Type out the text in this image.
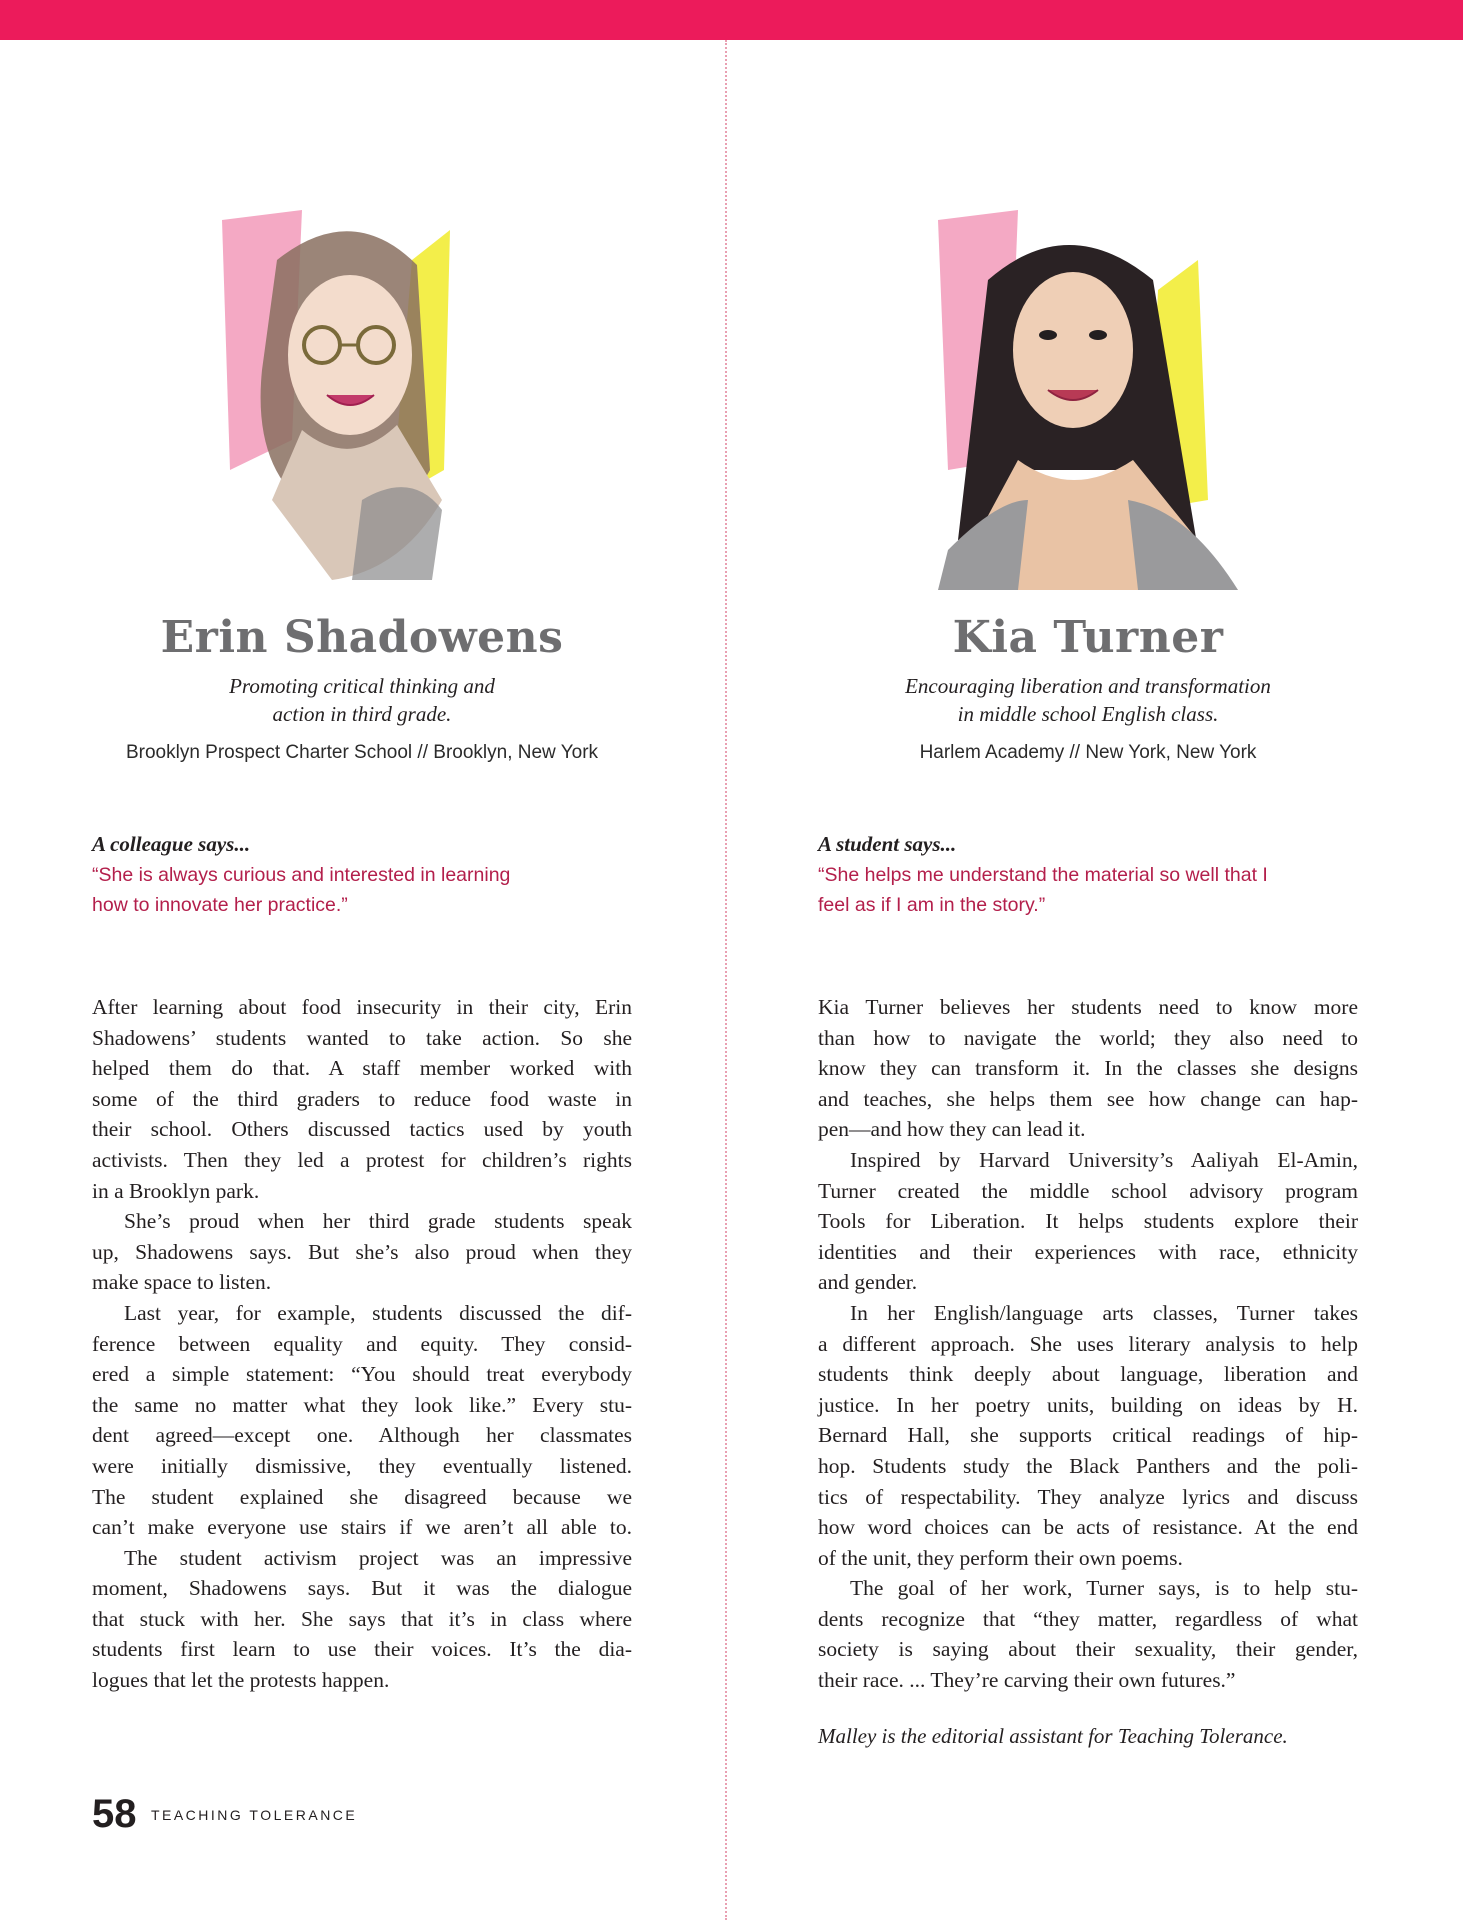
Erin Shadowens
Promoting critical thinking and
action in third grade.
Brooklyn Prospect Charter School // Brooklyn, New York
A colleague says...
“She is always curious and interested in learning
how to innovate her practice.”

After learning about food insecurity in their city, Erin
Shadowens’ students wanted to take action. So she
helped them do that. A staff member worked with
some of the third graders to reduce food waste in
their school. Others discussed tactics used by youth
activists. Then they led a protest for children’s rights
in a Brooklyn park.

She’s proud when her third grade students speak
up, Shadowens says. But she’s also proud when they
make space to listen.

Last year, for example, students discussed the dif-
ference between equality and equity. They consid-
ered a simple statement: “You should treat everybody
the same no matter what they look like.” Every stu-
dent agreed—except one. Although her classmates
were initially dismissive, they eventually listened.
The student explained she disagreed because we
can’t make everyone use stairs if we aren’t all able to.

The student activism project was an impressive
moment, Shadowens says. But it was the dialogue
that stuck with her. She says that it’s in class where
students first learn to use their voices. It’s the dia-
logues that let the protests happen.

Kia Turner
Encouraging liberation and transformation
in middle school English class.
Harlem Academy // New York, New York
A student says...
“She helps me understand the material so well that I
feel as if I am in the story.”

Kia Turner believes her students need to know more
than how to navigate the world; they also need to
know they can transform it. In the classes she designs
and teaches, she helps them see how change can hap-
pen—and how they can lead it.

Inspired by Harvard University’s Aaliyah El-Amin,
Turner created the middle school advisory program
Tools for Liberation. It helps students explore their
identities and their experiences with race, ethnicity
and gender.

In her English/language arts classes, Turner takes
a different approach. She uses literary analysis to help
students think deeply about language, liberation and
justice. In her poetry units, building on ideas by H.
Bernard Hall, she supports critical readings of hip-
hop. Students study the Black Panthers and the poli-
tics of respectability. They analyze lyrics and discuss
how word choices can be acts of resistance. At the end
of the unit, they perform their own poems.

The goal of her work, Turner says, is to help stu-
dents recognize that “they matter, regardless of what
society is saying about their sexuality, their gender,
their race. ... They’re carving their own futures.”

Malley is the editorial assistant for Teaching Tolerance.
58 TEACHING TOLERANCE
